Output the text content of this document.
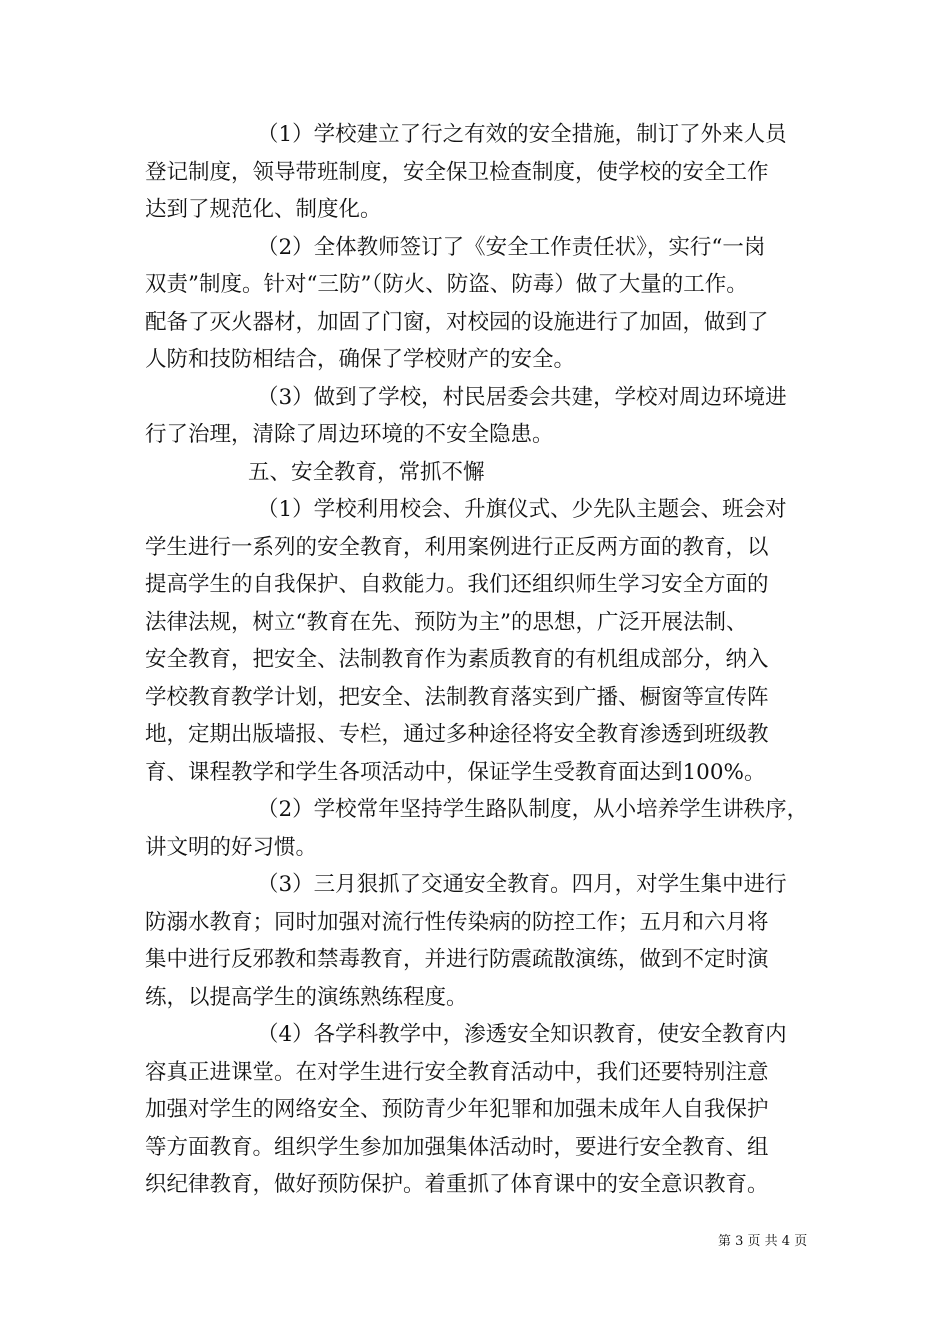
（1）学校建立了行之有效的安全措施，制订了外来人员
登记制度，领导带班制度，安全保卫检查制度，使学校的安全工作
达到了规范化、制度化。
（2）全体教师签订了《安全工作责任状》，实行“一岗
双责”制度。针对“三防”（防火、防盗、防毒）做了大量的工作。
配备了灭火器材，加固了门窗，对校园的设施进行了加固，做到了
人防和技防相结合，确保了学校财产的安全。
（3）做到了学校，村民居委会共建，学校对周边环境进
行了治理，清除了周边环境的不安全隐患。
五、安全教育，常抓不懈
（1）学校利用校会、升旗仪式、少先队主题会、班会对
学生进行一系列的安全教育，利用案例进行正反两方面的教育，以
提高学生的自我保护、自救能力。我们还组织师生学习安全方面的
法律法规，树立“教育在先、预防为主”的思想，广泛开展法制、
安全教育，把安全、法制教育作为素质教育的有机组成部分，纳入
学校教育教学计划，把安全、法制教育落实到广播、橱窗等宣传阵
地，定期出版墙报、专栏，通过多种途径将安全教育渗透到班级教
育、课程教学和学生各项活动中，保证学生受教育面达到100%。
（2）学校常年坚持学生路队制度，从小培养学生讲秩序，
讲文明的好习惯。
（3）三月狠抓了交通安全教育。四月，对学生集中进行
防溺水教育；同时加强对流行性传染病的防控工作；五月和六月将
集中进行反邪教和禁毒教育，并进行防震疏散演练，做到不定时演
练，以提高学生的演练熟练程度。
（4）各学科教学中，渗透安全知识教育，使安全教育内
容真正进课堂。在对学生进行安全教育活动中，我们还要特别注意
加强对学生的网络安全、预防青少年犯罪和加强未成年人自我保护
等方面教育。组织学生参加加强集体活动时，要进行安全教育、组
织纪律教育，做好预防保护。着重抓了体育课中的安全意识教育。
第 3 页 共 4 页
